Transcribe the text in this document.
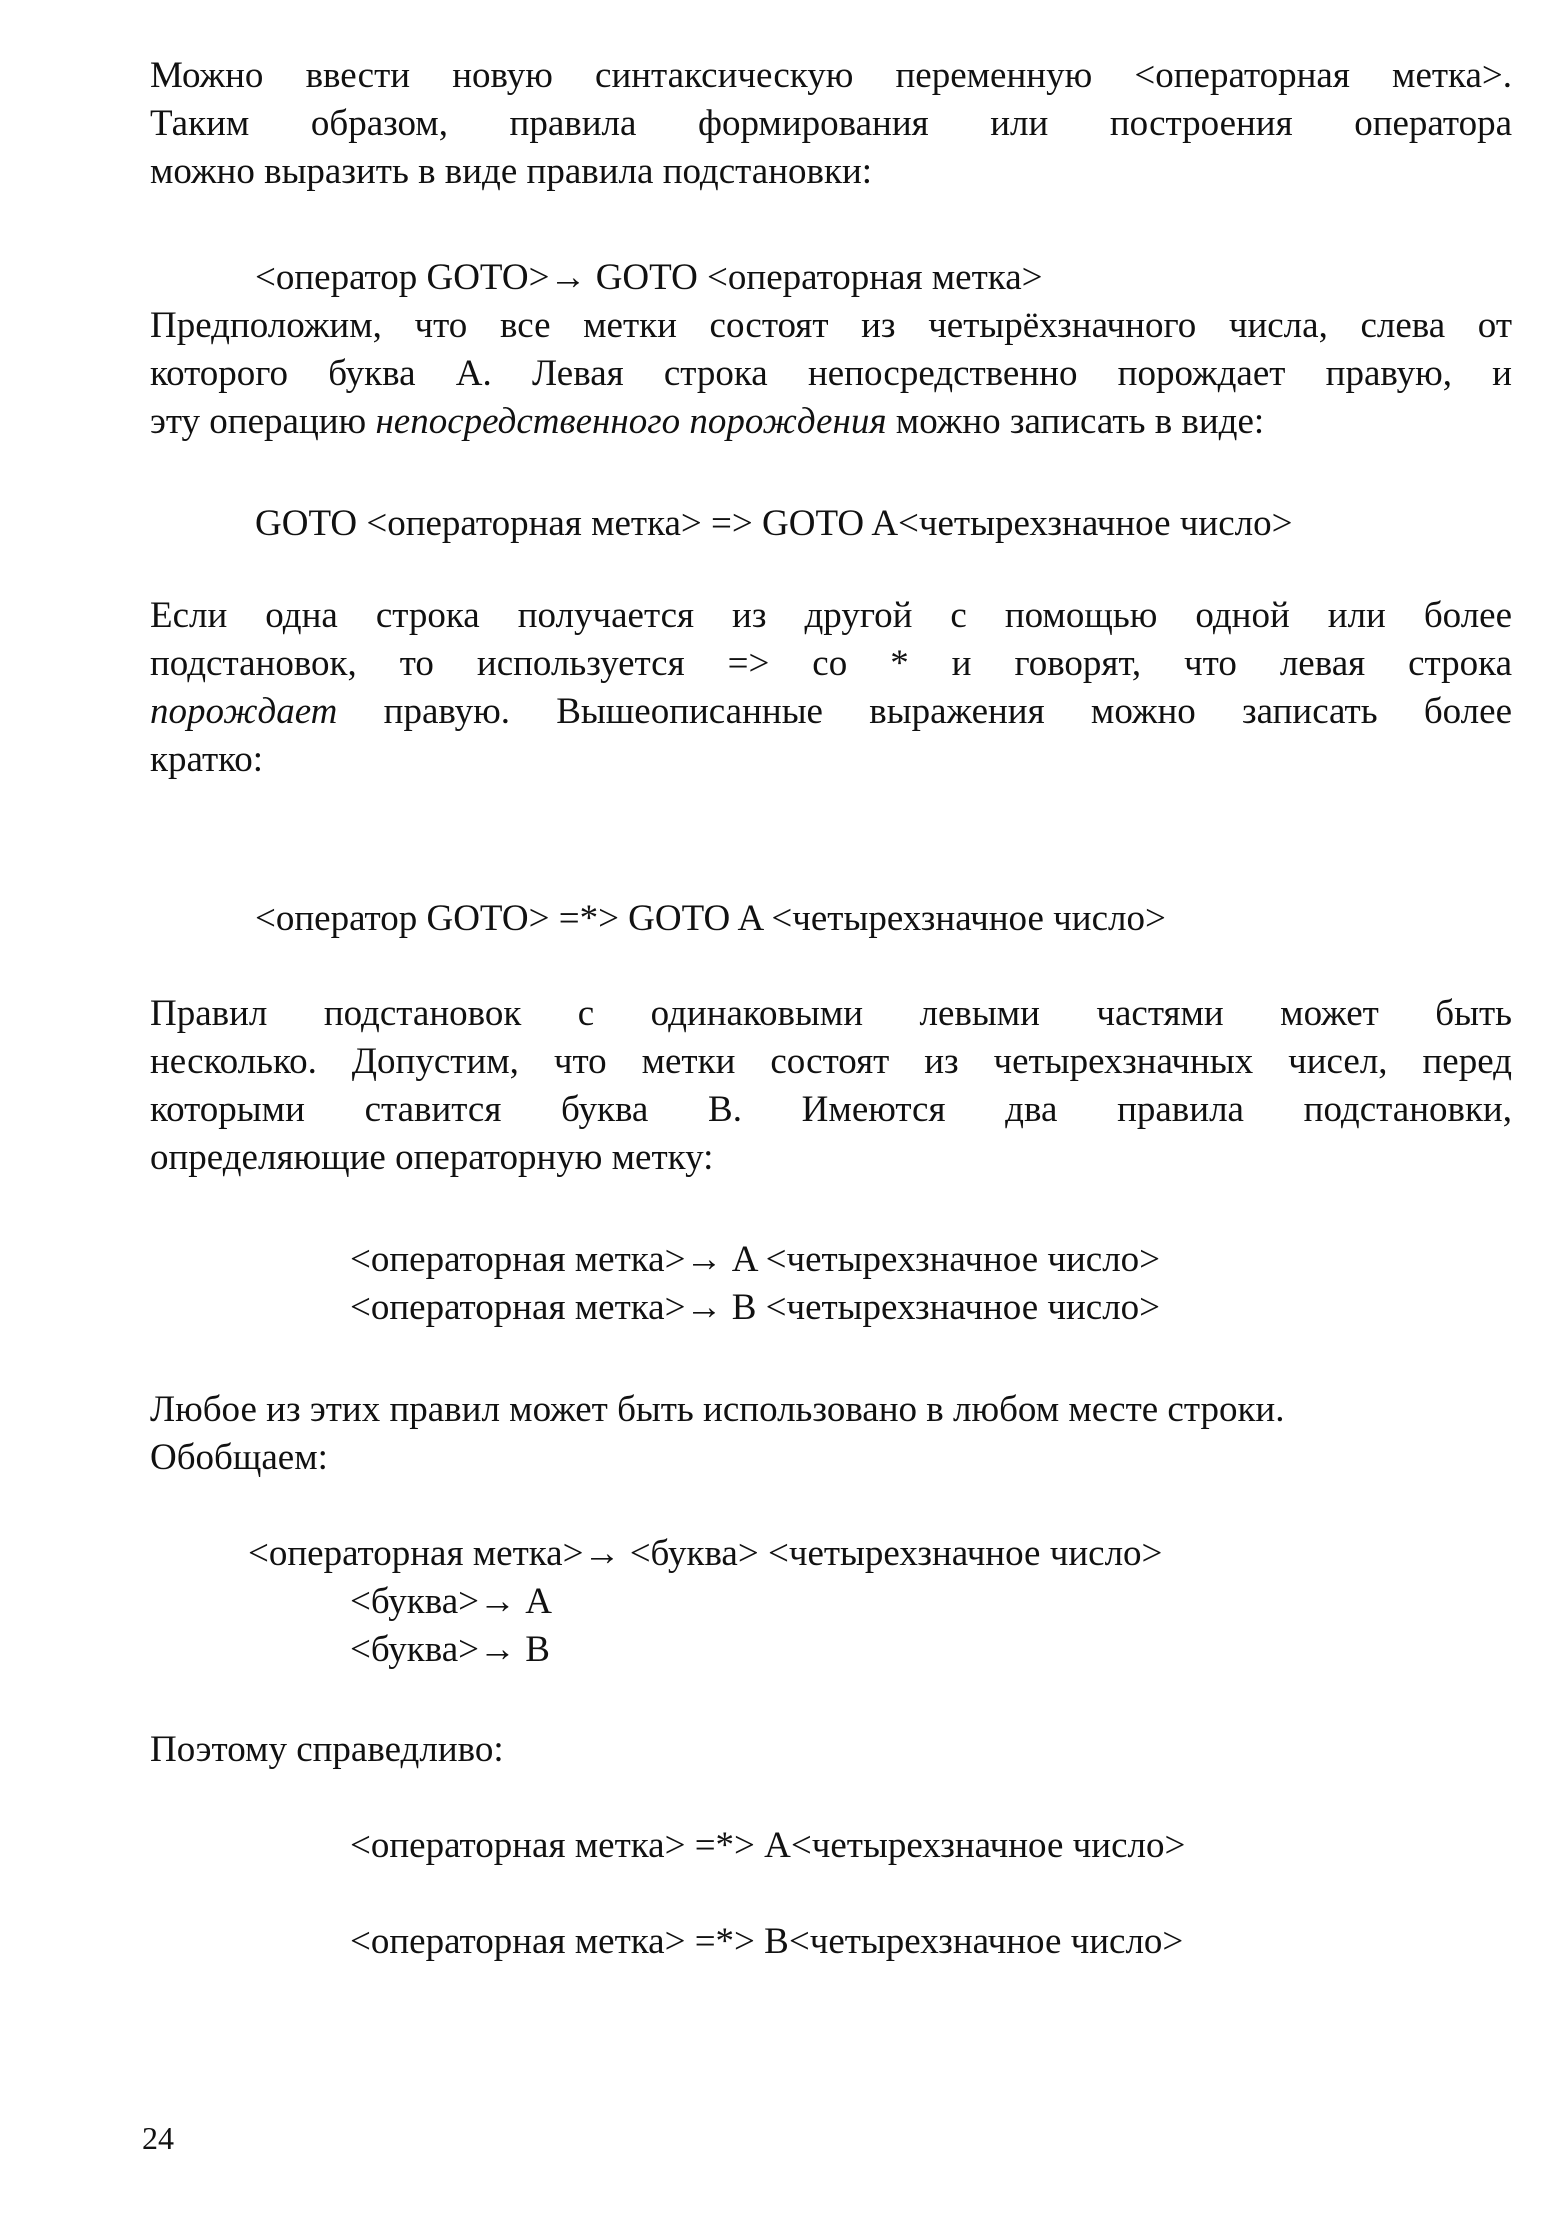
Можно ввести новую синтаксическую переменную <операторная метка>.
Таким образом, правила формирования или построения оператора
можно выразить в виде правила подстановки:
<оператор GOTO>→ GOTO <операторная метка>
Предположим, что все метки состоят из четырёхзначного числа, слева от
которого буква А. Левая строка непосредственно порождает правую, и
эту операцию непосредственного порождения можно записать в виде:
GOTO <операторная метка> => GOTO A<четырехзначное число>
Если одна строка получается из другой с помощью одной или более
подстановок, то используется => со * и говорят, что левая строка
порождает правую. Вышеописанные выражения можно записать более
кратко:
<оператор GOTO> =*> GOTO A <четырехзначное число>
Правил подстановок с одинаковыми левыми частями может быть
несколько. Допустим, что метки состоят из четырехзначных чисел, перед
которыми ставится буква В. Имеются два правила подстановки,
определяющие операторную метку:
<операторная метка>→ A <четырехзначное число>
<операторная метка>→ B <четырехзначное число>
Любое из этих правил может быть использовано в любом месте строки.
Обобщаем:
<операторная метка>→ <буква> <четырехзначное число>
<буква>→ A
<буква>→ B
Поэтому справедливо:
<операторная метка> =*> A<четырехзначное число>
<операторная метка> =*> B<четырехзначное число>
24
